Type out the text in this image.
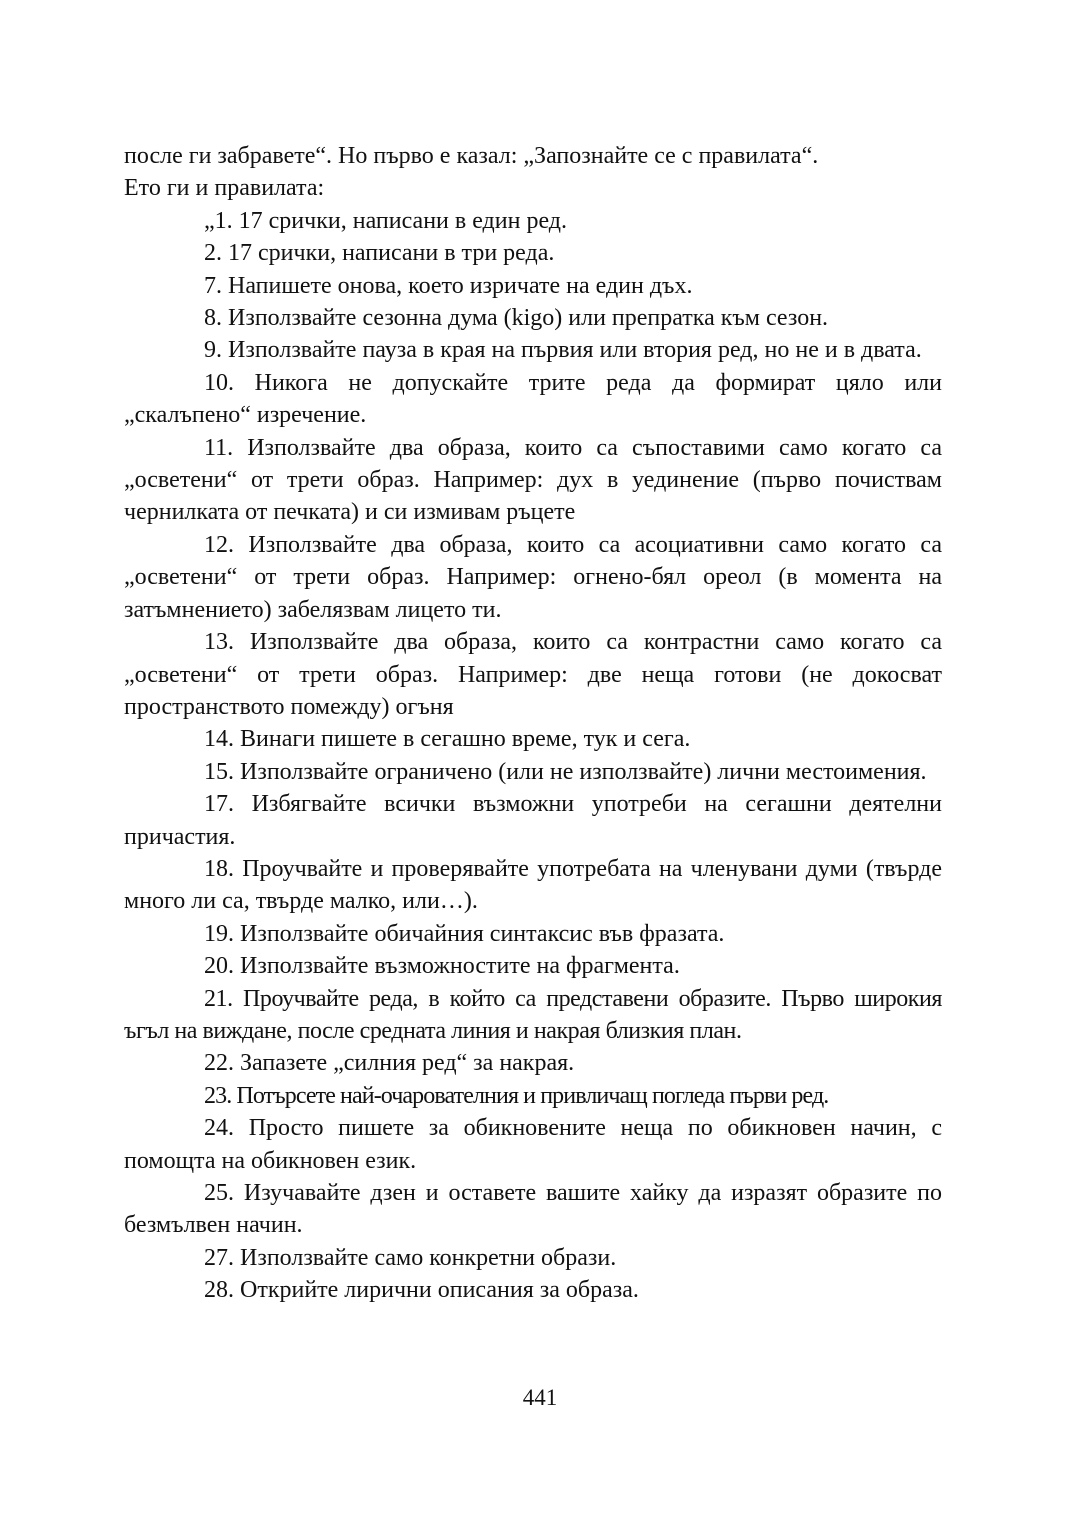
после ги забравете“. Но първо е казал: „Запознайте се с правилата“.

Ето ги и правилата:

„1. 17 срички, написани в един ред.

2. 17 срички, написани в три реда.

7. Напишете онова, което изричате на един дъх.

8. Използвайте сезонна дума (kigo) или препратка към сезон.

9. Използвайте пауза в края на първия или втория ред, но не и в двата.

10. Никога не допускайте трите реда да формират цяло или „скалъпено“ изречение.

11. Използвайте два образа, които са съпоставими само когато са „осветени“ от трети образ. Например: дух в уединение (първо почиствам чернилката от печката) и си измивам ръцете

12. Използвайте два образа, които са асоциативни само когато са „осветени“ от трети образ. Например: огнено-бял ореол (в момента на затъмнението) забелязвам лицето ти.

13. Използвайте два образа, които са контрастни само когато са „осветени“ от трети образ. Например: две неща готови (не докосват пространството помежду) огъня

14. Винаги пишете в сегашно време, тук и сега.

15. Използвайте ограничено (или не използвайте) лични местоимения.

17. Избягвайте всички възможни употреби на сегашни деятелни причастия.

18. Проучвайте и проверявайте употребата на членувани думи (твърде много ли са, твърде малко, или…).

19. Използвайте обичайния синтаксис във фразата.

20. Използвайте възможностите на фрагмента.

21. Проучвайте реда, в който са представени образите. Първо широкия ъгъл на виждане, после средната линия и накрая близкия план.

22. Запазете „силния ред“ за накрая.

23. Потърсете най-очарователния и привличащ погледа първи ред.

24. Просто пишете за обикновените неща по обикновен начин, с помощта на обикновен език.

25. Изучавайте дзен и оставете вашите хайку да изразят образите по безмълвен начин.

27. Използвайте само конкретни образи.

28. Открийте лирични описания за образа.

441
